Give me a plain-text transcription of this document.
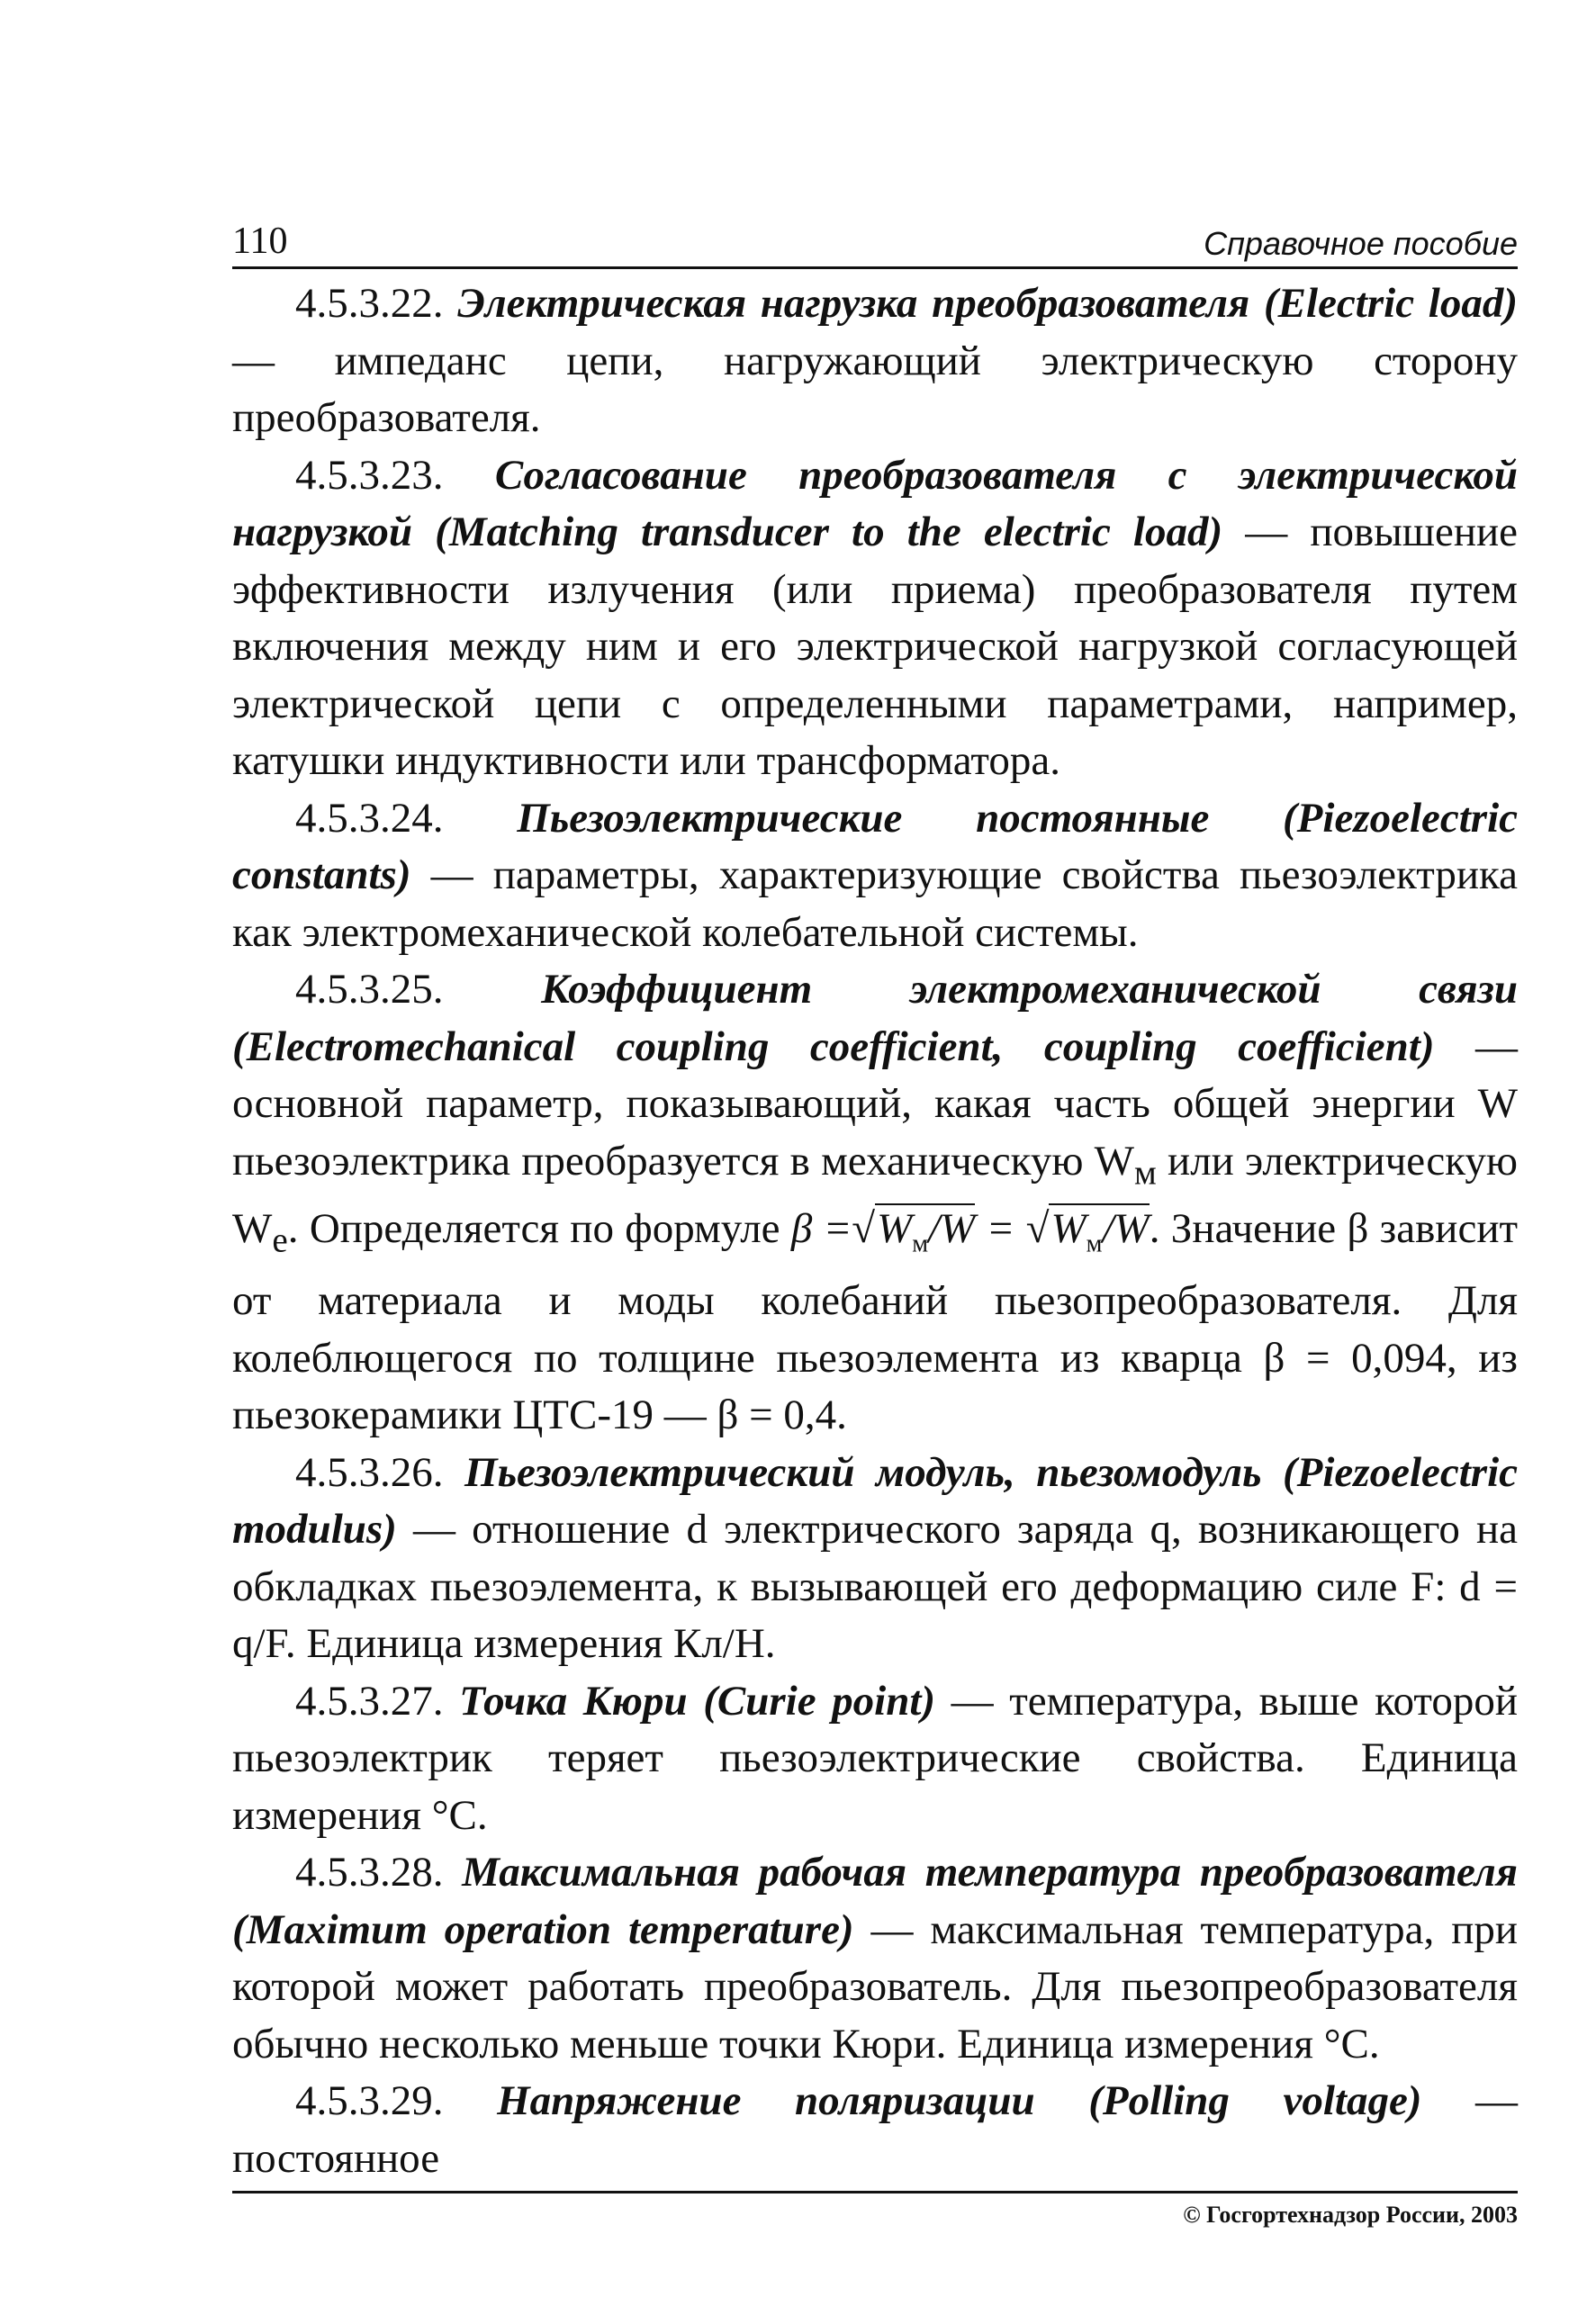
110	Справочное пособие

4.5.3.22. Электрическая нагрузка преобразователя (Electric load) — импеданс цепи, нагружающий электрическую сторону преобразователя.

4.5.3.23. Согласование преобразователя с электрической нагрузкой (Matching transducer to the electric load) — повышение эффективности излучения (или приема) преобразователя путем включения между ним и его электрической нагрузкой согласующей электрической цепи с определенными параметрами, например, катушки индуктивности или трансформатора.

4.5.3.24. Пьезоэлектрические постоянные (Piezoelectric constants) — параметры, характеризующие свойства пьезоэлектрика как электромеханической колебательной системы.

4.5.3.25. Коэффициент электромеханической связи (Electromechanical coupling coefficient, coupling coefficient) — основной параметр, показывающий, какая часть общей энергии W пьезоэлектрика преобразуется в механическую $W_м$ или электрическую $W_e$. Определяется по формуле $\beta =√W_м/W = √W_м/W$. Значение β зависит от материала и моды колебаний пьезопреобразователя. Для колеблющегося по толщине пьезоэлемента из кварца β = 0,094, из пьезокерамики ЦТС-19 — β = 0,4.

4.5.3.26. Пьезоэлектрический модуль, пьезомодуль (Piezoelectric modulus) — отношение d электрического заряда q, возникающего на обкладках пьезоэлемента, к вызывающей его деформацию силе F: d = q/F. Единица измерения Кл/Н.

4.5.3.27. Точка Кюри (Curie point) — температура, выше которой пьезоэлектрик теряет пьезоэлектрические свойства. Единица измерения °С.

4.5.3.28. Максимальная рабочая температура преобразователя (Maximum operation temperature) — максимальная температура, при которой может работать преобразователь. Для пьезопреобразователя обычно несколько меньше точки Кюри. Единица измерения °С.

4.5.3.29. Напряжение поляризации (Polling voltage) — постоянное

© Госгортехнадзор России, 2003
